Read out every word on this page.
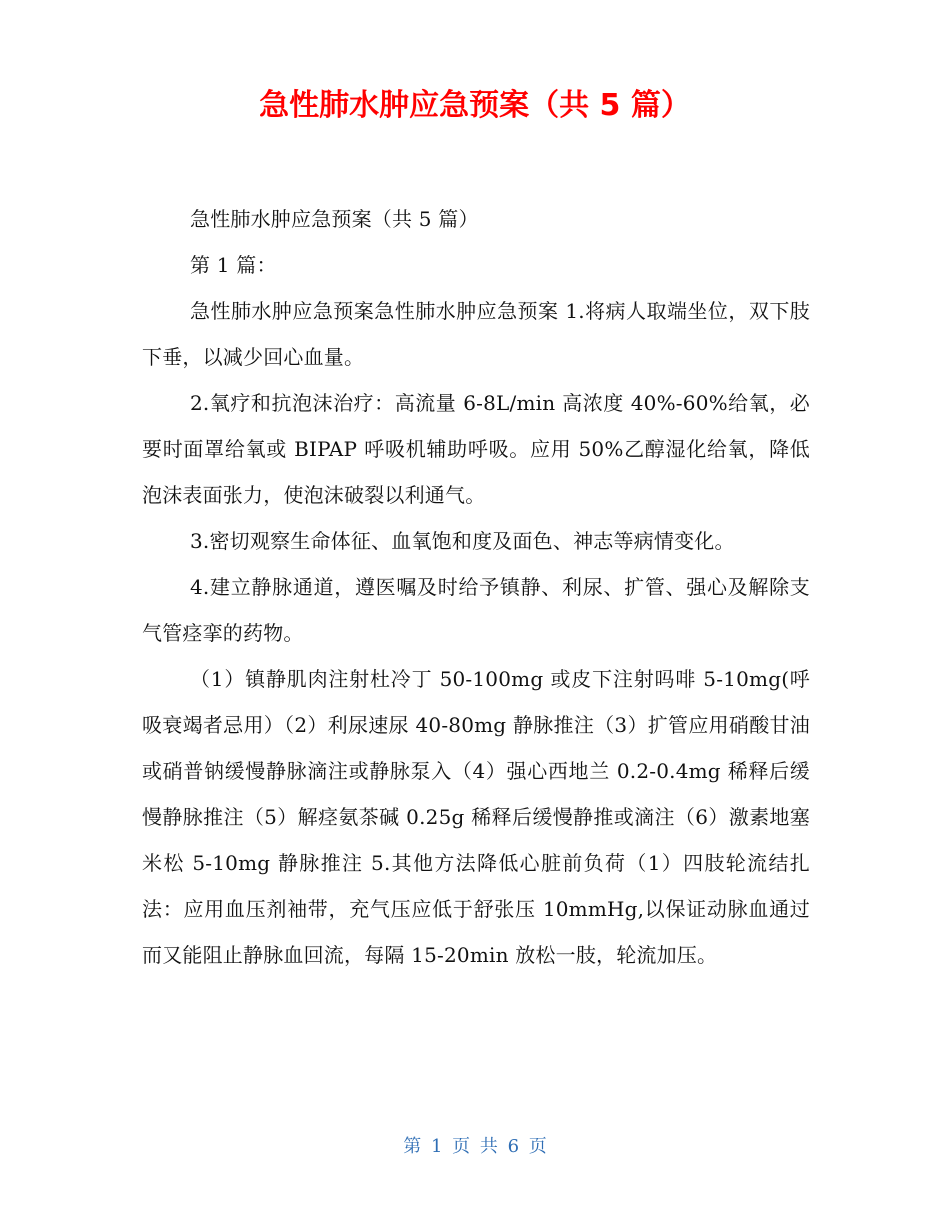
急性肺水肿应急预案（共 5 篇）

急性肺水肿应急预案（共 5 篇）

第 1 篇：

急性肺水肿应急预案急性肺水肿应急预案 1.将病人取端坐位，双下肢下垂，以减少回心血量。

2.氧疗和抗泡沫治疗：高流量 6-8L/min 高浓度 40%-60%给氧，必要时面罩给氧或 BIPAP 呼吸机辅助呼吸。应用 50%乙醇湿化给氧，降低泡沫表面张力，使泡沫破裂以利通气。

3.密切观察生命体征、血氧饱和度及面色、神志等病情变化。

4.建立静脉通道，遵医嘱及时给予镇静、利尿、扩管、强心及解除支气管痉挛的药物。

（1）镇静肌肉注射杜冷丁 50-100mg 或皮下注射吗啡 5-10mg(呼吸衰竭者忌用）（2）利尿速尿 40-80mg 静脉推注（3）扩管应用硝酸甘油或硝普钠缓慢静脉滴注或静脉泵入（4）强心西地兰 0.2-0.4mg 稀释后缓慢静脉推注（5）解痉氨茶碱 0.25g 稀释后缓慢静推或滴注（6）激素地塞米松 5-10mg 静脉推注 5.其他方法降低心脏前负荷（1）四肢轮流结扎法：应用血压剂袖带，充气压应低于舒张压 10mmHg,以保证动脉血通过而又能阻止静脉血回流，每隔 15-20min 放松一肢，轮流加压。

第 1 页 共 6 页
